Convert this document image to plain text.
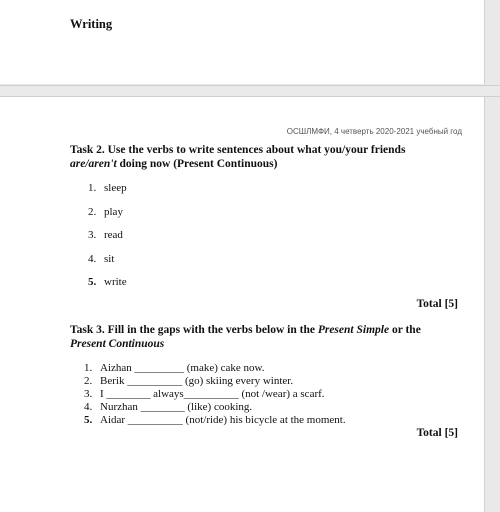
Writing
ОСШЛМФИ, 4 четверть 2020-2021 учебный год
Task 2. Use the verbs to write sentences about what you/your friends
are/aren't doing now (Present Continuous)
1. sleep
2. play
3. read
4. sit
5. write
Total [5]
Task 3. Fill in the gaps with the verbs below in the Present Simple or the
Present Continuous
1. Aizhan _________ (make) cake now.
2. Berik __________ (go) skiing every winter.
3. I ________ always__________ (not /wear) a scarf.
4. Nurzhan ________ (like) cooking.
5. Aidar __________ (not/ride) his bicycle at the moment.
Total [5]
